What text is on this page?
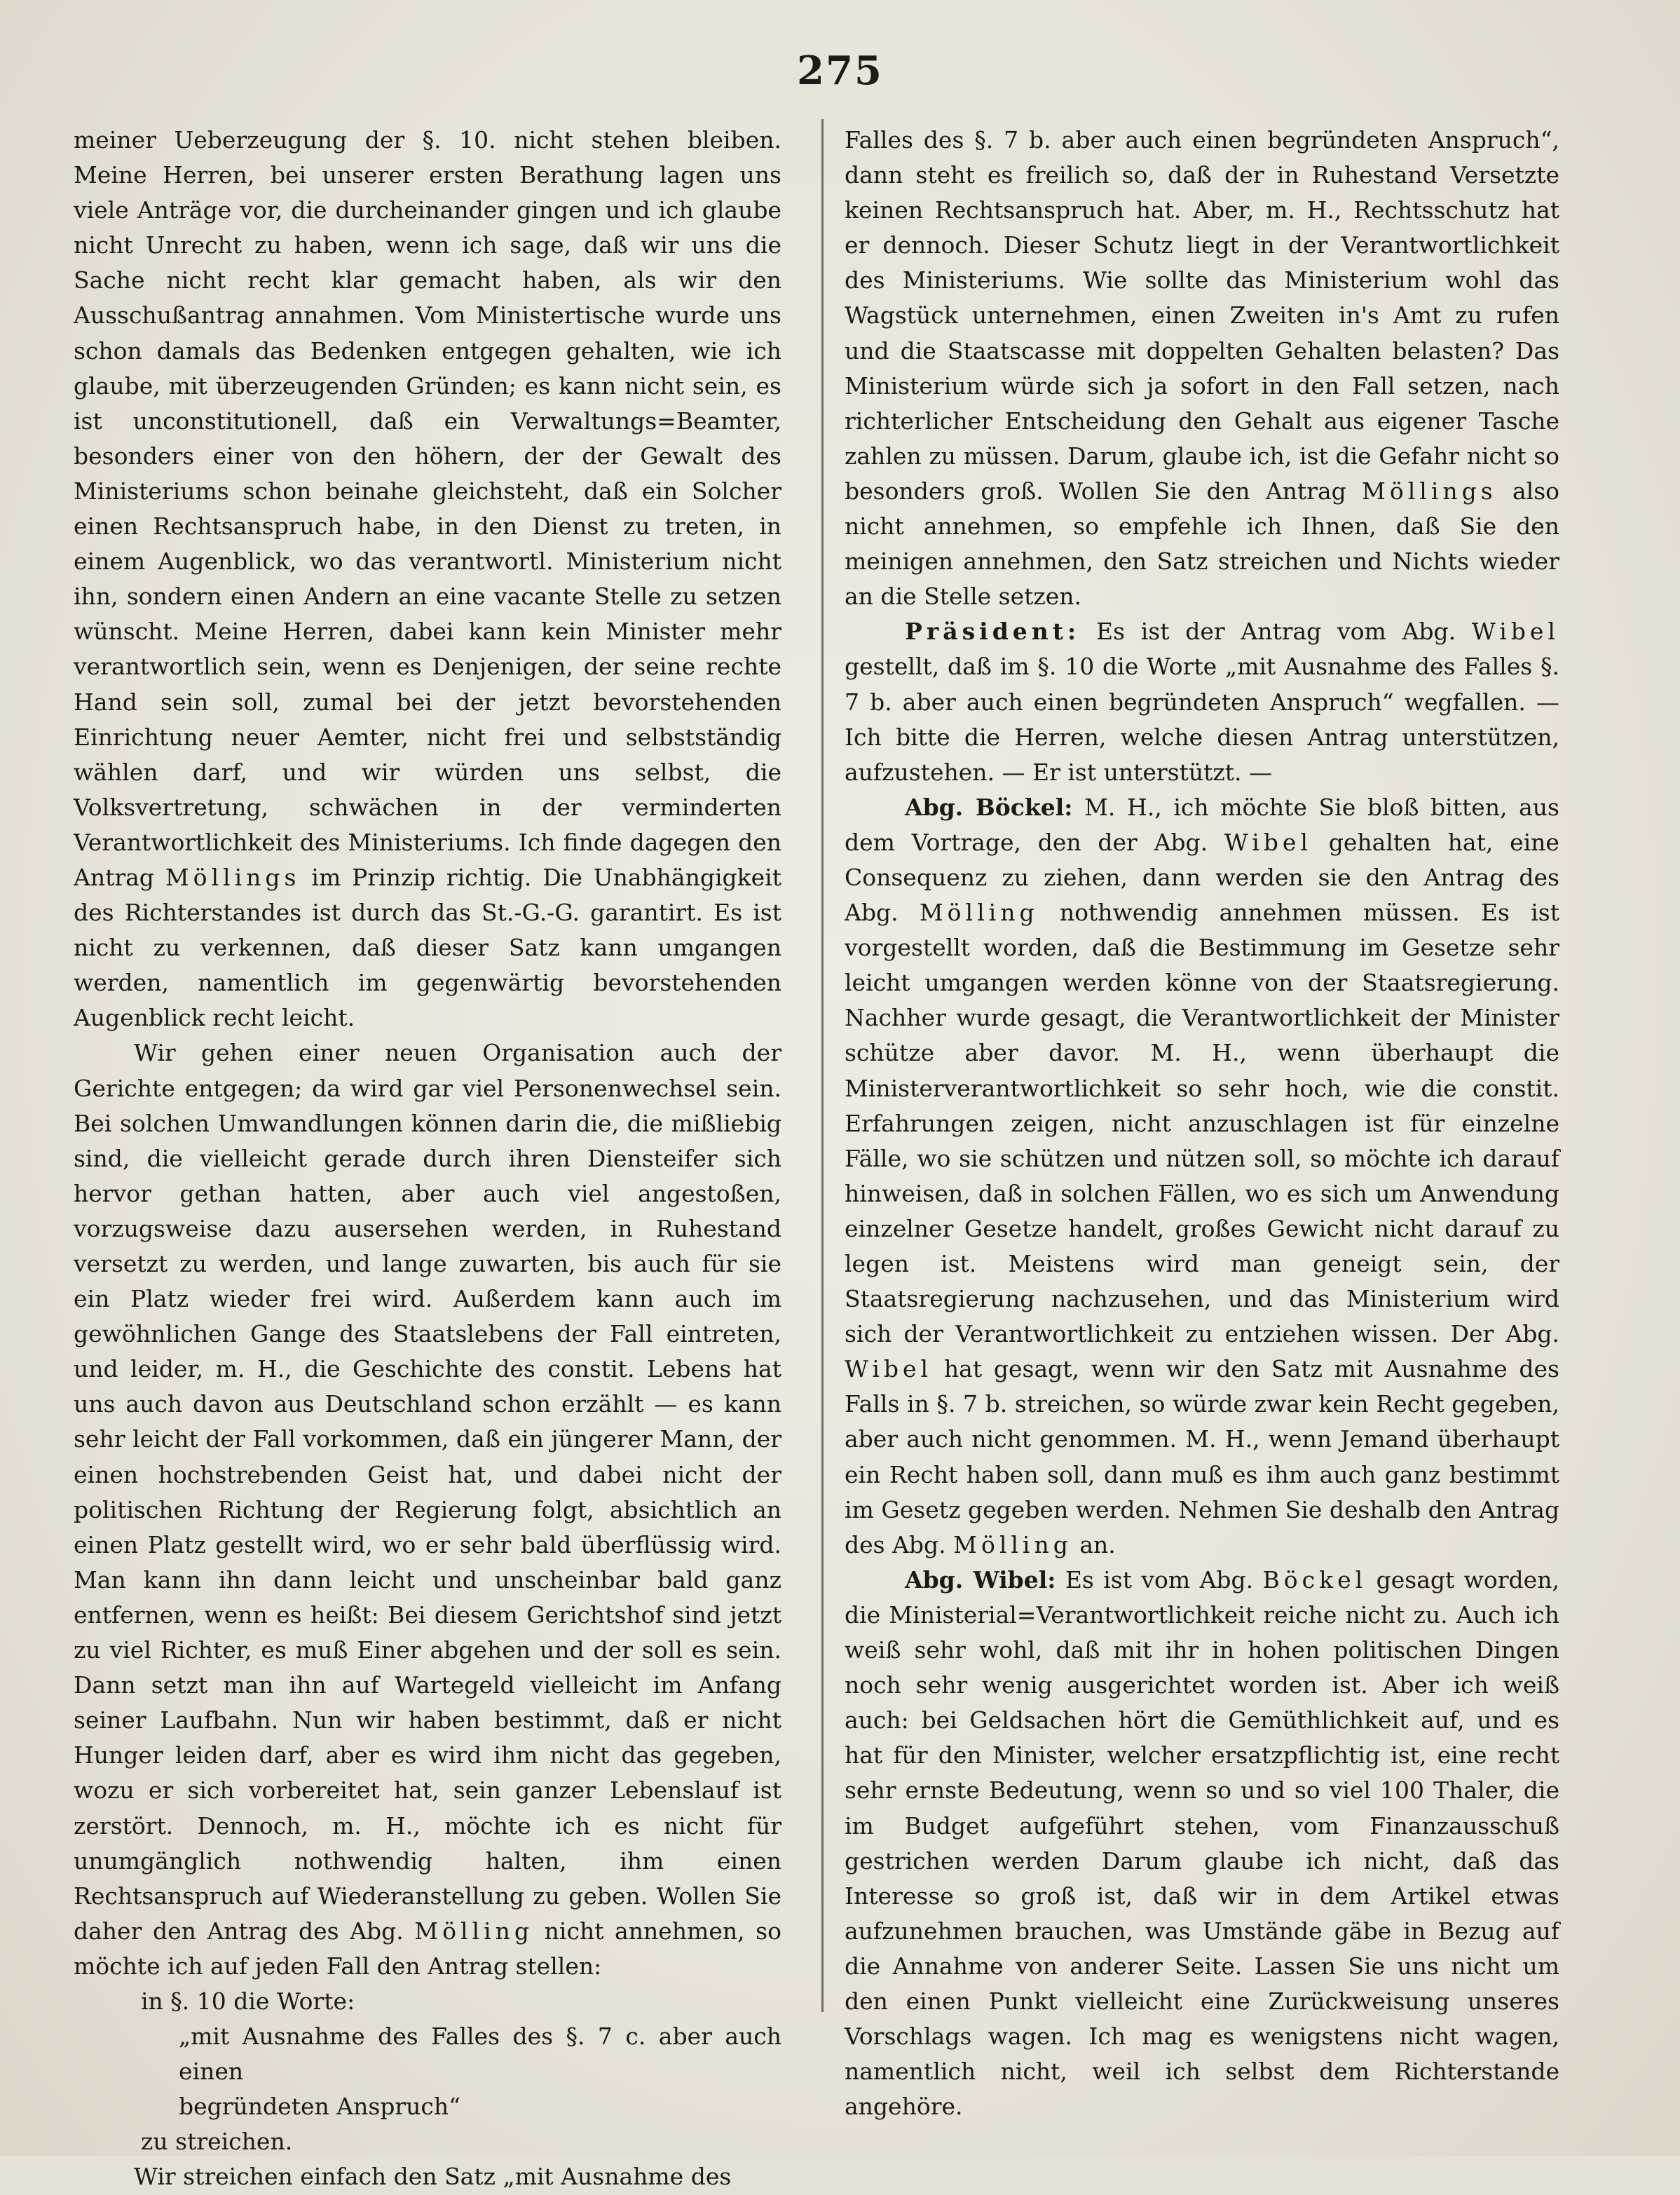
275

meiner Ueberzeugung der §. 10. nicht stehen bleiben. Meine Herren, bei unserer ersten Berathung lagen uns viele Anträge vor, die durcheinander gingen und ich glaube nicht Unrecht zu haben, wenn ich sage, daß wir uns die Sache nicht recht klar gemacht haben, als wir den Ausschußantrag annahmen. Vom Ministertische wurde uns schon damals das Bedenken entgegen gehalten, wie ich glaube, mit überzeugenden Gründen; es kann nicht sein, es ist unconstitutionell, daß ein Verwaltungs=Beamter, besonders einer von den höhern, der der Gewalt des Ministeriums schon beinahe gleichsteht, daß ein Solcher einen Rechtsanspruch habe, in den Dienst zu treten, in einem Augenblick, wo das verantwortl. Ministerium nicht ihn, sondern einen Andern an eine vacante Stelle zu setzen wünscht. Meine Herren, dabei kann kein Minister mehr verantwortlich sein, wenn es Denjenigen, der seine rechte Hand sein soll, zumal bei der jetzt bevorstehenden Einrichtung neuer Aemter, nicht frei und selbstständig wählen darf, und wir würden uns selbst, die Volksvertretung, schwächen in der verminderten Verantwortlichkeit des Ministeriums. Ich finde dagegen den Antrag Möllings im Prinzip richtig. Die Unabhängigkeit des Richterstandes ist durch das St.-G.-G. garantirt. Es ist nicht zu verkennen, daß dieser Satz kann umgangen werden, namentlich im gegenwärtig bevorstehenden Augenblick recht leicht.

Wir gehen einer neuen Organisation auch der Gerichte entgegen; da wird gar viel Personenwechsel sein. Bei solchen Umwandlungen können darin die, die mißliebig sind, die vielleicht gerade durch ihren Diensteifer sich hervor gethan hatten, aber auch viel angestoßen, vorzugsweise dazu ausersehen werden, in Ruhestand versetzt zu werden, und lange zuwarten, bis auch für sie ein Platz wieder frei wird. Außerdem kann auch im gewöhnlichen Gange des Staatslebens der Fall eintreten, und leider, m. H., die Geschichte des constit. Lebens hat uns auch davon aus Deutschland schon erzählt — es kann sehr leicht der Fall vorkommen, daß ein jüngerer Mann, der einen hochstrebenden Geist hat, und dabei nicht der politischen Richtung der Regierung folgt, absichtlich an einen Platz gestellt wird, wo er sehr bald überflüssig wird. Man kann ihn dann leicht und unscheinbar bald ganz entfernen, wenn es heißt: Bei diesem Gerichtshof sind jetzt zu viel Richter, es muß Einer abgehen und der soll es sein. Dann setzt man ihn auf Wartegeld vielleicht im Anfang seiner Laufbahn. Nun wir haben bestimmt, daß er nicht Hunger leiden darf, aber es wird ihm nicht das gegeben, wozu er sich vorbereitet hat, sein ganzer Lebenslauf ist zerstört. Dennoch, m. H., möchte ich es nicht für unumgänglich nothwendig halten, ihm einen Rechtsanspruch auf Wiederanstellung zu geben. Wollen Sie daher den Antrag des Abg. Mölling nicht annehmen, so möchte ich auf jeden Fall den Antrag stellen:

in §. 10 die Worte:

„mit Ausnahme des Falles des §. 7 c. aber auch einen

begründeten Anspruch“

zu streichen.

Wir streichen einfach den Satz „mit Ausnahme des

Falles des §. 7 b. aber auch einen begründeten Anspruch“, dann steht es freilich so, daß der in Ruhestand Versetzte keinen Rechtsanspruch hat. Aber, m. H., Rechtsschutz hat er dennoch. Dieser Schutz liegt in der Verantwortlichkeit des Ministeriums. Wie sollte das Ministerium wohl das Wagstück unternehmen, einen Zweiten in's Amt zu rufen und die Staatscasse mit doppelten Gehalten belasten? Das Ministerium würde sich ja sofort in den Fall setzen, nach richterlicher Entscheidung den Gehalt aus eigener Tasche zahlen zu müssen. Darum, glaube ich, ist die Gefahr nicht so besonders groß. Wollen Sie den Antrag Möllings also nicht annehmen, so empfehle ich Ihnen, daß Sie den meinigen annehmen, den Satz streichen und Nichts wieder an die Stelle setzen.

Präsident: Es ist der Antrag vom Abg. Wibel gestellt, daß im §. 10 die Worte „mit Ausnahme des Falles §. 7 b. aber auch einen begründeten Anspruch“ wegfallen. — Ich bitte die Herren, welche diesen Antrag unterstützen, aufzustehen. — Er ist unterstützt. —

Abg. Böckel: M. H., ich möchte Sie bloß bitten, aus dem Vortrage, den der Abg. Wibel gehalten hat, eine Consequenz zu ziehen, dann werden sie den Antrag des Abg. Mölling nothwendig annehmen müssen. Es ist vorgestellt worden, daß die Bestimmung im Gesetze sehr leicht umgangen werden könne von der Staatsregierung. Nachher wurde gesagt, die Verantwortlichkeit der Minister schütze aber davor. M. H., wenn überhaupt die Ministerverantwortlichkeit so sehr hoch, wie die constit. Erfahrungen zeigen, nicht anzuschlagen ist für einzelne Fälle, wo sie schützen und nützen soll, so möchte ich darauf hinweisen, daß in solchen Fällen, wo es sich um Anwendung einzelner Gesetze handelt, großes Gewicht nicht darauf zu legen ist. Meistens wird man geneigt sein, der Staatsregierung nachzusehen, und das Ministerium wird sich der Verantwortlichkeit zu entziehen wissen. Der Abg. Wibel hat gesagt, wenn wir den Satz mit Ausnahme des Falls in §. 7 b. streichen, so würde zwar kein Recht gegeben, aber auch nicht genommen. M. H., wenn Jemand überhaupt ein Recht haben soll, dann muß es ihm auch ganz bestimmt im Gesetz gegeben werden. Nehmen Sie deshalb den Antrag des Abg. Mölling an.

Abg. Wibel: Es ist vom Abg. Böckel gesagt worden, die Ministerial=Verantwortlichkeit reiche nicht zu. Auch ich weiß sehr wohl, daß mit ihr in hohen politischen Dingen noch sehr wenig ausgerichtet worden ist. Aber ich weiß auch: bei Geldsachen hört die Gemüthlichkeit auf, und es hat für den Minister, welcher ersatzpflichtig ist, eine recht sehr ernste Bedeutung, wenn so und so viel 100 Thaler, die im Budget aufgeführt stehen, vom Finanzausschuß gestrichen werden Darum glaube ich nicht, daß das Interesse so groß ist, daß wir in dem Artikel etwas aufzunehmen brauchen, was Umstände gäbe in Bezug auf die Annahme von anderer Seite. Lassen Sie uns nicht um den einen Punkt vielleicht eine Zurückweisung unseres Vorschlags wagen. Ich mag es wenigstens nicht wagen, namentlich nicht, weil ich selbst dem Richterstande angehöre.
